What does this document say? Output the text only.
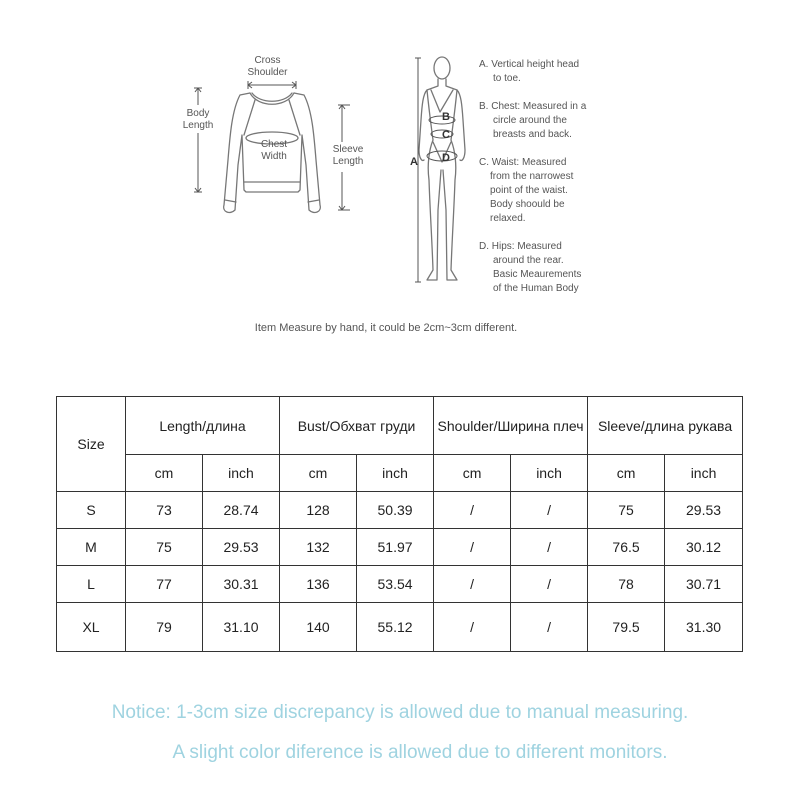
Cross
Shoulder
Body
Length
Chest
Width
Sleeve
Length	A
B
C
D
A. Vertical height head
to toe.
B. Chest: Measured in a
circle around the
breasts and back.
C. Waist: Measured
from the narrowest
point of the waist.
Body shoould be
relaxed.
D. Hips: Measured
around the rear.
Basic Meaurements
of the Human Body
Item Measure by hand, it could be 2cm~3cm different.
Size	Length/длина		Bust/Обхват груди		Shoulder/Ширина плеч		Sleeve/длина рукава	
	cm	inch	cm	inch	cm	inch	cm	inch
S	73	28.74	128	50.39	/	/	75	29.53
M	75	29.53	132	51.97	/	/	76.5	30.12
L	77	30.31	136	53.54	/	/	78	30.71
XL	79	31.10	140	55.12	/	/	79.5	31.30
Notice: 1-3cm size discrepancy is allowed due to manual measuring.
A slight color diference is allowed due to different monitors.
